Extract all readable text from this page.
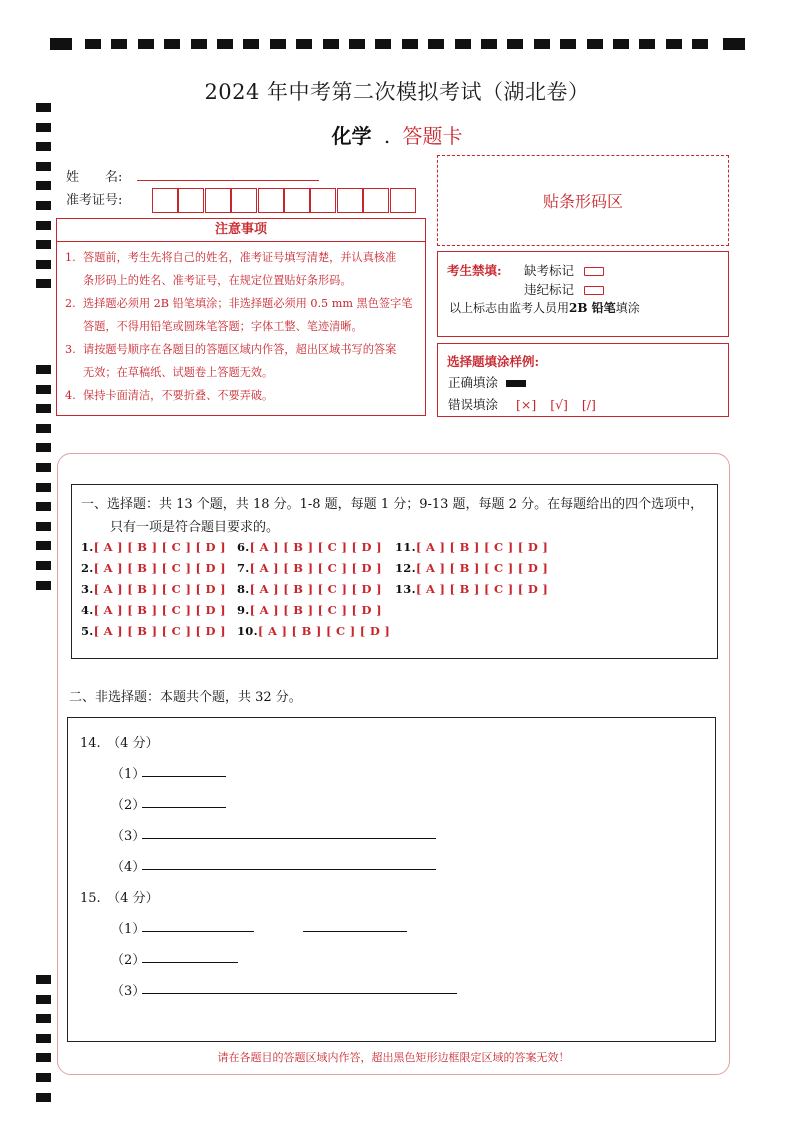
2024 年中考第二次模拟考试（湖北卷）
化学 . 答题卡
姓　　名:
准考证号:	贴条形码区
注意事项
1. 答题前，考生先将自己的姓名，准考证号填写清楚，并认真核准
条形码上的姓名、准考证号，在规定位置贴好条形码。
2. 选择题必须用 2B 铅笔填涂；非选择题必须用 0.5 mm 黑色签字笔
答题，不得用铅笔或圆珠笔答题；字体工整、笔迹清晰。
3. 请按题号顺序在各题目的答题区域内作答，超出区域书写的答案
无效；在草稿纸、试题卷上答题无效。
4. 保持卡面清洁，不要折叠、不要弄破。
考生禁填: 缺考标记
违纪标记
以上标志由监考人员用2B 铅笔填涂
选择题填涂样例:
正确填涂
错误填涂 [×] [√] [/]
一、选择题：共 13 个题，共 18 分。1-8 题，每题 1 分；9-13 题，每题 2 分。在每题给出的四个选项中，
只有一项是符合题目要求的。
1.[ A ] [ B ] [ C ] [ D ]
2.[ A ] [ B ] [ C ] [ D ]
3.[ A ] [ B ] [ C ] [ D ]
4.[ A ] [ B ] [ C ] [ D ]
5.[ A ] [ B ] [ C ] [ D ]
6.[ A ] [ B ] [ C ] [ D ]
7.[ A ] [ B ] [ C ] [ D ]
8.[ A ] [ B ] [ C ] [ D ]
9.[ A ] [ B ] [ C ] [ D ]
10.[ A ] [ B ] [ C ] [ D ]
11.[ A ] [ B ] [ C ] [ D ]
12.[ A ] [ B ] [ C ] [ D ]
13.[ A ] [ B ] [ C ] [ D ]
二、非选择题：本题共个题，共 32 分。
14.　（4 分）
（1）
（2）
（3）
（4）
15.　（4 分）
（1）
（2）
（3）
请在各题目的答题区域内作答，超出黑色矩形边框限定区域的答案无效！
